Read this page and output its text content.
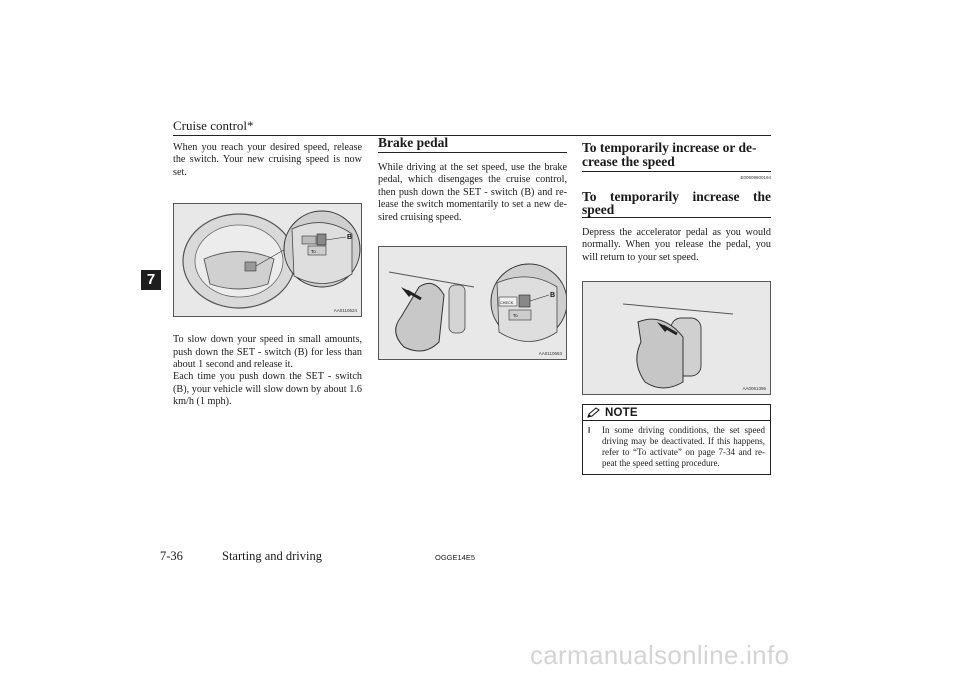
Cruise control*
7

When you reach your desired speed, release the switch. Your new cruising speed is now set.

B
To
AA0110624

To slow down your speed in small amounts, push down the SET - switch (B) for less than about 1 second and release it.

Each time you push down the SET - switch (B), your vehicle will slow down by about 1.6 km/h (1 mph).

Brake pedal

While driving at the set speed, use the brake pedal, which disengages the cruise control, then push down the SET - switch (B) and re-lease the switch momentarily to set a new de-sired cruising speed.

B
CHECK
To
AA0110653
To temporarily increase or de-crease the speed
E00609600194
To temporarily increase the speed

Depress the accelerator pedal as you would normally. When you release the pedal, you will return to your set speed.

AA0061395
NOTE
l	In some driving conditions, the set speed driving may be deactivated. If this happens, refer to “To activate” on page 7-34 and re-peat the speed setting procedure.
7-36	Starting and driving	OGGE14E5
carmanualsonline.info
